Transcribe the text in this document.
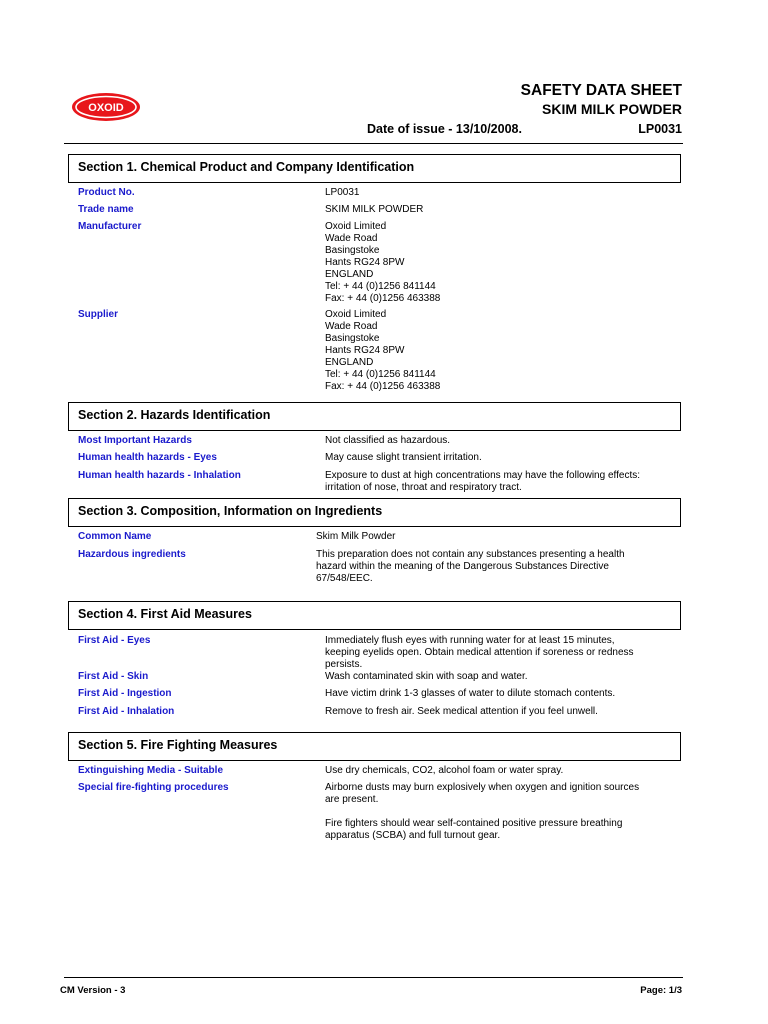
OXOID
SAFETY DATA SHEET
SKIM MILK POWDER
Date of issue - 13/10/2008.	LP0031
Section 1. Chemical Product and Company Identification
Product No.	LP0031
Trade name	SKIM MILK POWDER
Manufacturer	Oxoid Limited
Wade Road
Basingstoke
Hants RG24 8PW
ENGLAND
Tel: + 44 (0)1256 841144
Fax: + 44 (0)1256 463388
Supplier	Oxoid Limited
Wade Road
Basingstoke
Hants RG24 8PW
ENGLAND
Tel: + 44 (0)1256 841144
Fax: + 44 (0)1256 463388
Section 2. Hazards Identification
Most Important Hazards	Not classified as hazardous.
Human health hazards - Eyes	May cause slight transient irritation.
Human health hazards - Inhalation	Exposure to dust at high concentrations may have the following effects:
irritation of nose, throat and respiratory tract.
Section 3. Composition, Information on Ingredients
Common Name	Skim Milk Powder
Hazardous ingredients	This preparation does not contain any substances presenting a health
hazard within the meaning of the Dangerous Substances Directive
67/548/EEC.
Section 4. First Aid Measures
First Aid - Eyes	Immediately flush eyes with running water for at least 15 minutes,
keeping eyelids open. Obtain medical attention if soreness or redness
persists.
First Aid - Skin	Wash contaminated skin with soap and water.
First Aid - Ingestion	Have victim drink 1-3 glasses of water to dilute stomach contents.
First Aid - Inhalation	Remove to fresh air. Seek medical attention if you feel unwell.
Section 5. Fire Fighting Measures
Extinguishing Media - Suitable	Use dry chemicals, CO2, alcohol foam or water spray.
Special fire-fighting procedures	Airborne dusts may burn explosively when oxygen and ignition sources
are present.

Fire fighters should wear self-contained positive pressure breathing
apparatus (SCBA) and full turnout gear.
CM Version - 3	Page: 1/3
